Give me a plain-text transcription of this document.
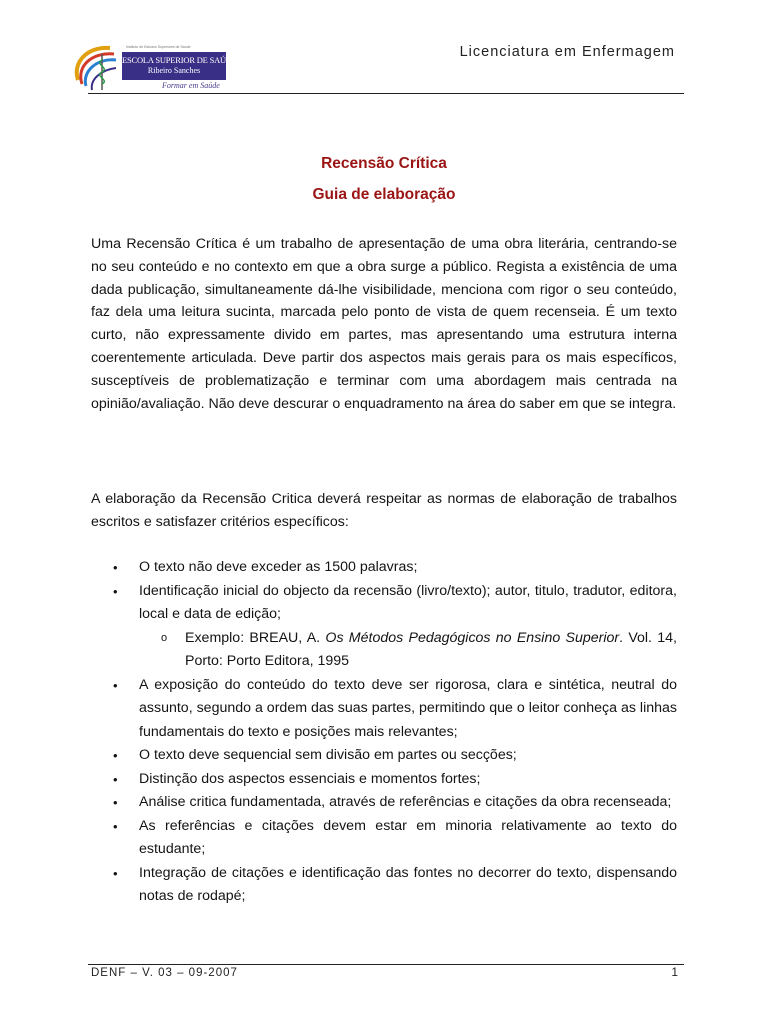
Instituto de Estudos Superiores de Saúde
ESCOLA SUPERIOR DE SAÚDE
Ribeiro Sanches
Formar em Saúde
Licenciatura em Enfermagem
Recensão Crítica
Guia de elaboração

Uma Recensão Crítica é um trabalho de apresentação de uma obra literária, centrando-se no seu conteúdo e no contexto em que a obra surge a público. Regista a existência de uma dada publicação, simultaneamente dá-lhe visibilidade, menciona com rigor o seu conteúdo, faz dela uma leitura sucinta, marcada pelo ponto de vista de quem recenseia. É um texto curto, não expressamente divido em partes, mas apresentando uma estrutura interna coerentemente articulada. Deve partir dos aspectos mais gerais para os mais específicos, susceptíveis de problematização e terminar com uma abordagem mais centrada na opinião/avaliação. Não deve descurar o enquadramento na área do saber em que se integra.

A elaboração da Recensão Critica deverá respeitar as normas de elaboração de trabalhos escritos e satisfazer critérios específicos:

• O texto não deve exceder as 1500 palavras;
• Identificação inicial do objecto da recensão (livro/texto); autor, titulo, tradutor, editora, local e data de edição;
o Exemplo: BREAU, A. Os Métodos Pedagógicos no Ensino Superior. Vol. 14, Porto: Porto Editora, 1995
• A exposição do conteúdo do texto deve ser rigorosa, clara e sintética, neutral do assunto, segundo a ordem das suas partes, permitindo que o leitor conheça as linhas fundamentais do texto e posições mais relevantes;
• O texto deve sequencial sem divisão em partes ou secções;
• Distinção dos aspectos essenciais e momentos fortes;
• Análise critica fundamentada, através de referências e citações da obra recenseada;
• As referências e citações devem estar em minoria relativamente ao texto do estudante;
• Integração de citações e identificação das fontes no decorrer do texto, dispensando notas de rodapé;
DENF – V. 03 – 09-2007	1
